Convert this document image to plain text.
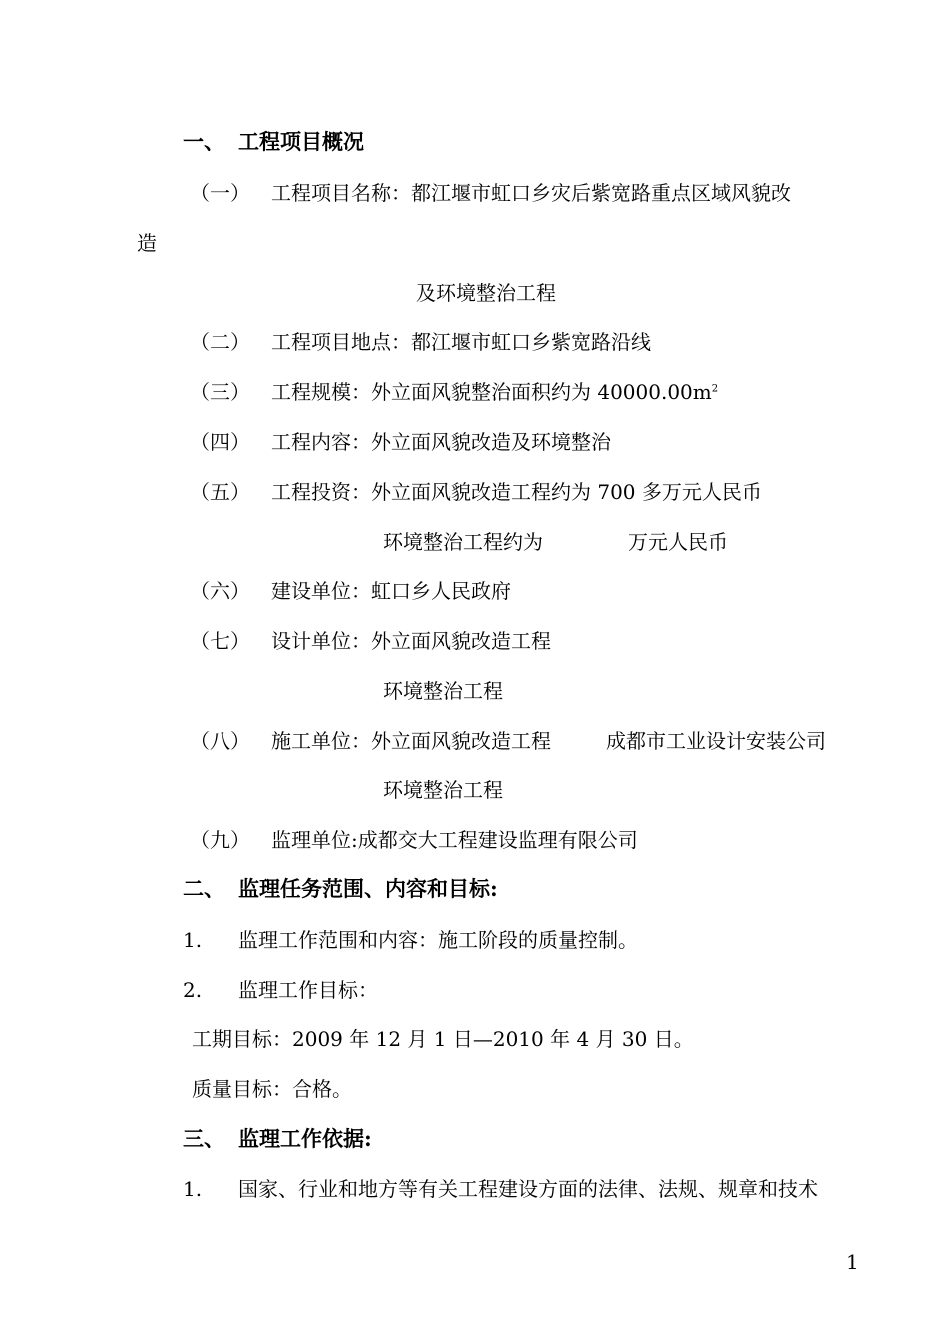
一、 工程项目概况
（一） 工程项目名称：都江堰市虹口乡灾后紫宽路重点区域风貌改
造
及环境整治工程
（二） 工程项目地点：都江堰市虹口乡紫宽路沿线
（三） 工程规模：外立面风貌整治面积约为 $40000.00m^2$
（四） 工程内容：外立面风貌改造及环境整治
（五） 工程投资：外立面风貌改造工程约为 700 多万元人民币
环境整治工程约为	万元人民币
（六） 建设单位：虹口乡人民政府
（七） 设计单位：外立面风貌改造工程
环境整治工程
（八） 施工单位：外立面风貌改造工程	成都市工业设计安装公司
环境整治工程
（九） 监理单位:成都交大工程建设监理有限公司
二、 监理任务范围、内容和目标:
1. 监理工作范围和内容：施工阶段的质量控制。
2. 监理工作目标：
工期目标：2009 年 12 月 1 日—2010 年 4 月 30 日。
质量目标：合格。
三、 监理工作依据:
1. 国家、行业和地方等有关工程建设方面的法律、法规、规章和技术
1
